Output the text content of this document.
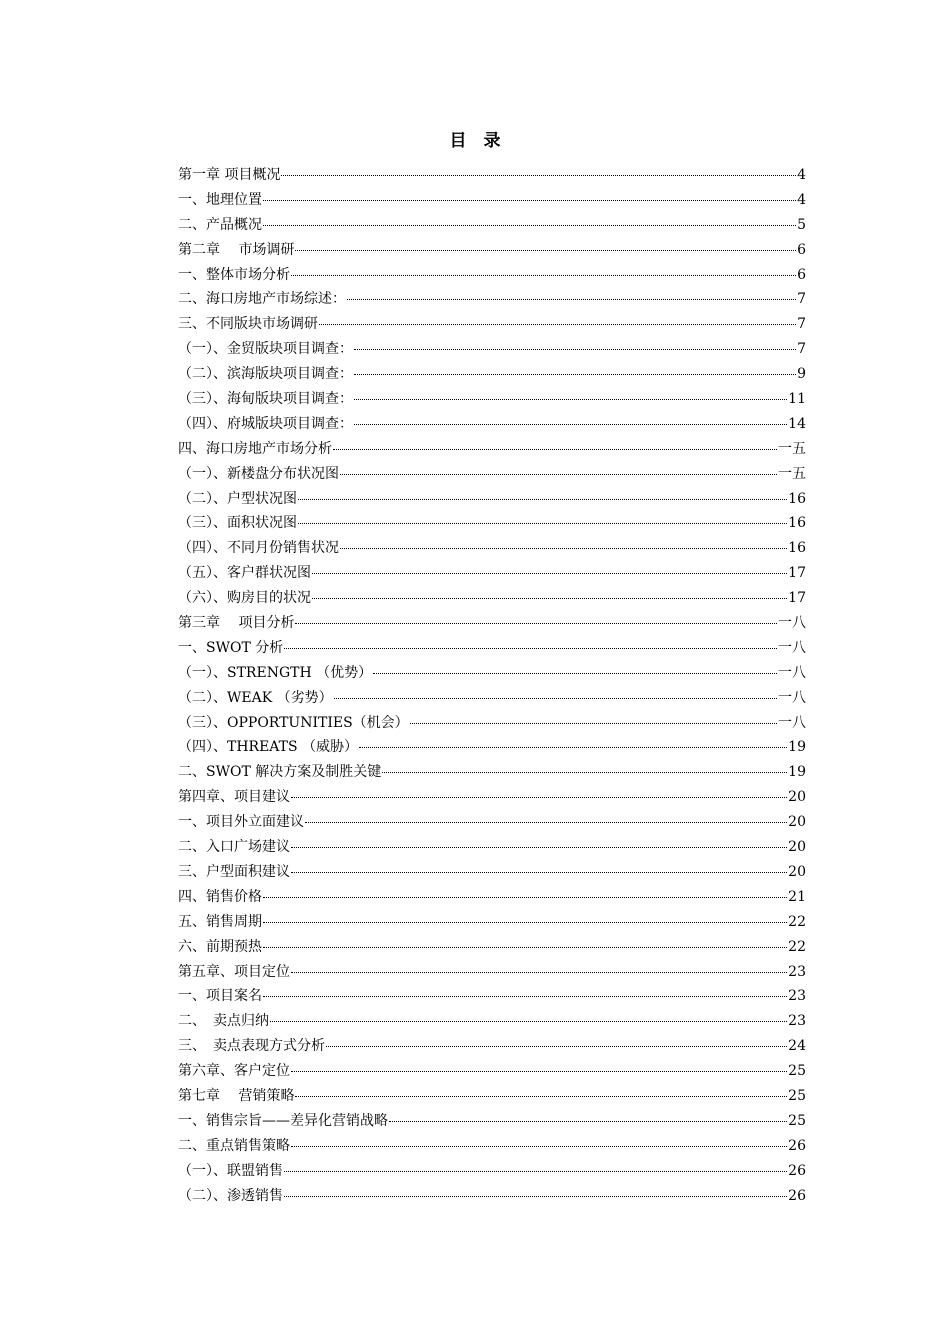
目　录
第一章 项目概况	4
一、地理位置	4
二、产品概况	5
第二章　 市场调研	6
一、整体市场分析	6
二、海口房地产市场综述：	7
三、不同版块市场调研	7
（一）、金贸版块项目调查：	7
（二）、滨海版块项目调查：	9
（三）、海甸版块项目调查：	11
（四）、府城版块项目调查：	14
四、海口房地产市场分析	一五
（一）、新楼盘分布状况图	一五
（二）、户型状况图	16
（三）、面积状况图	16
（四）、不同月份销售状况	16
（五）、客户群状况图	17
（六）、购房目的状况	17
第三章　 项目分析	一八
一、SWOT 分析	一八
（一）、STRENGTH （优势）	一八
（二）、WEAK （劣势）	一八
（三）、OPPORTUNITIES（机会）	一八
（四）、THREATS （威胁）	19
二、SWOT 解决方案及制胜关键	19
第四章、项目建议	20
一、项目外立面建议	20
二、入口广场建议	20
三、户型面积建议	20
四、销售价格	21
五、销售周期	22
六、前期预热	22
第五章、项目定位	23
一、项目案名	23
二、　卖点归纳	23
三、　卖点表现方式分析	24
第六章、客户定位	25
第七章　 营销策略	25
一、销售宗旨——差异化营销战略	25
二、重点销售策略	26
（一）、联盟销售	26
（二）、渗透销售	26
